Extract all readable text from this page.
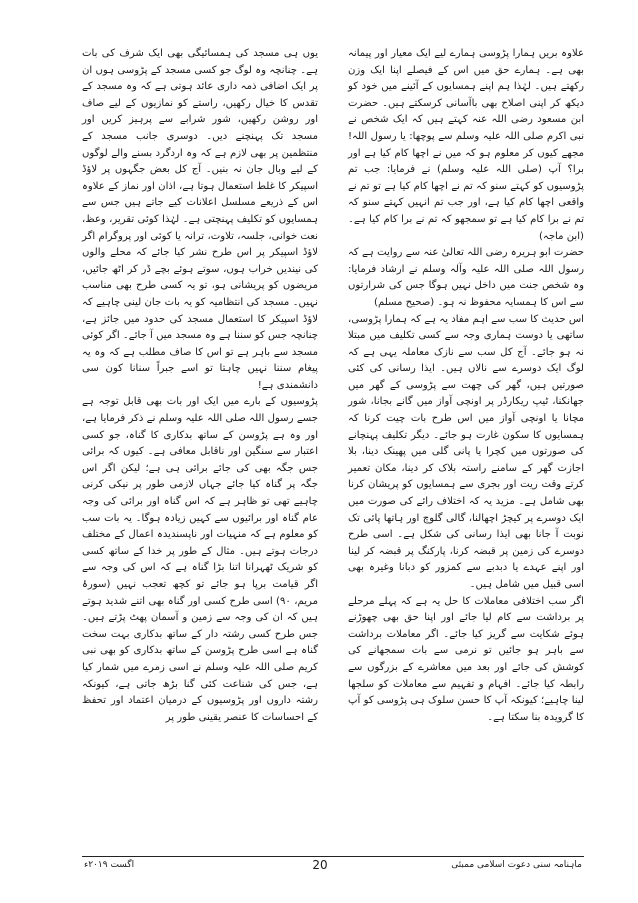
علاوہ بریں ہمارا پڑوسی ہمارے لیے ایک معیار اور پیمانہ بھی ہے۔ ہمارے حق میں اس کے فیصلے اپنا ایک وزن رکھتے ہیں۔ لہٰذا ہم اپنے ہمسایوں کے آئینے میں خود کو دیکھ کر اپنی اصلاح بھی باآسانی کرسکتے ہیں۔ حضرت ابن مسعود رضی اللہ عنہ کہتے ہیں کہ ایک شخص نے نبی اکرم صلی اللہ علیہ وسلم سے پوچھا: یا رسول اللہ! مجھے کیوں کر معلوم ہو کہ میں نے اچھا کام کیا ہے اور برا؟ آپ (صلی اللہ علیہ وسلم) نے فرمایا: جب تم پڑوسیوں کو کہتے سنو کہ تم نے اچھا کام کیا ہے تو تم نے واقعی اچھا کام کیا ہے، اور جب تم انہیں کہتے سنو کہ تم نے برا کام کیا ہے تو سمجھو کہ تم نے برا کام کیا ہے۔ (ابن ماجہ)

حضرت ابو ہریرہ رضی اللہ تعالیٰ عنہ سے روایت ہے کہ رسول اللہ صلی اللہ علیہ وآلہ وسلم نے ارشاد فرمایا: وہ شخص جنت میں داخل نہیں ہوگا جس کی شرارتوں سے اس کا ہمسایہ محفوظ نہ ہو۔ (صحیح مسلم)

اس حدیث کا سب سے اہم مفاد یہ ہے کہ ہمارا پڑوسی، ساتھی یا دوست ہماری وجہ سے کسی تکلیف میں مبتلا نہ ہو جائے۔ آج کل سب سے نازک معاملہ یہی ہے کہ لوگ ایک دوسرے سے نالاں ہیں۔ ایذا رسانی کی کئی صورتیں ہیں، گھر کی چھت سے پڑوسی کے گھر میں جھانکنا، ٹیپ ریکارڈر پر اونچی آواز میں گانے بجانا، شور مچانا یا اونچی آواز میں اس طرح بات چیت کرنا کہ ہمسایوں کا سکون غارت ہو جائے۔ دیگر تکلیف پہنچانے کی صورتوں میں کچرا یا پانی گلی میں پھینک دینا، بلا اجازت گھر کے سامنے راستہ بلاک کر دینا، مکان تعمیر کرتے وقت ریت اور بجری سے ہمسایوں کو پریشان کرنا بھی شامل ہے۔ مزید یہ کہ اختلاف رائے کی صورت میں ایک دوسرے پر کیچڑ اچھالنا، گالی گلوچ اور ہاتھا پائی تک نوبت آ جانا بھی ایذا رسانی کی شکل ہے۔ اسی طرح دوسرے کی زمین پر قبضہ کرنا، پارکنگ پر قبضہ کر لینا اور اپنے عہدے یا دبدبے سے کمزور کو دبانا وغیرہ بھی اسی قبیل میں شامل ہیں۔

اگر سب اختلافی معاملات کا حل یہ ہے کہ پہلے مرحلے پر برداشت سے کام لیا جائے اور اپنا حق بھی چھوڑنے ہوئے شکایت سے گریز کیا جائے۔ اگر معاملات برداشت سے باہر ہو جائیں تو نرمی سے بات سمجھانے کی کوشش کی جائے اور بعد میں معاشرے کے بزرگوں سے رابطہ کیا جائے۔ افہام و تفہیم سے معاملات کو سلجھا لینا چاہیے؛ کیونکہ آپ کا حسن سلوک ہی پڑوسی کو آپ کا گرویدہ بنا سکتا ہے۔

یوں ہی مسجد کی ہمسائیگی بھی ایک شرف کی بات ہے۔ چنانچہ وہ لوگ جو کسی مسجد کے پڑوسی ہوں ان پر ایک اضافی ذمہ داری عائد ہوتی ہے کہ وہ مسجد کے تقدس کا خیال رکھیں، راستے کو نمازیوں کے لیے صاف اور روشن رکھیں، شور شرابے سے پرہیز کریں اور مسجد تک پہنچنے دیں۔ دوسری جانب مسجد کے منتظمین پر بھی لازم ہے کہ وہ اردگرد بسنے والے لوگوں کے لیے وبال جان نہ بنیں۔ آج کل بعض جگہوں پر لاؤڈ اسپیکر کا غلط استعمال ہوتا ہے، اذان اور نماز کے علاوہ اس کے ذریعے مسلسل اعلانات کیے جاتے ہیں جس سے ہمسایوں کو تکلیف پہنچتی ہے۔ لہٰذا کوئی تقریر، وعظ، نعت خوانی، جلسہ، تلاوت، ترانہ یا کوئی اور پروگرام اگر لاؤڈ اسپیکر پر اس طرح نشر کیا جائے کہ محلے والوں کی نیندیں خراب ہوں، سوتے ہوئے بچے ڈر کر اٹھ جائیں، مریضوں کو پریشانی ہو، تو یہ کسی طرح بھی مناسب نہیں۔ مسجد کی انتظامیہ کو یہ بات جان لینی چاہیے کہ لاؤڈ اسپیکر کا استعمال مسجد کی حدود میں جائز ہے، چنانچہ جس کو سننا ہے وہ مسجد میں آ جائے۔ اگر کوئی مسجد سے باہر ہے تو اس کا صاف مطلب ہے کہ وہ یہ پیغام سننا نہیں چاہتا تو اسے جبراً سنانا کون سی دانشمندی ہے!

پڑوسیوں کے بارے میں ایک اور بات بھی قابل توجہ ہے جسے رسول اللہ صلی اللہ علیہ وسلم نے ذکر فرمایا ہے، اور وہ ہے پڑوسن کے ساتھ بدکاری کا گناہ، جو کسی اعتبار سے سنگین اور ناقابل معافی ہے۔ کیوں کہ برائی جس جگہ بھی کی جائے برائی ہی ہے؛ لیکن اگر اس جگہ پر گناہ کیا جائے جہاں لازمی طور پر نیکی کرنی چاہیے تھی تو ظاہر ہے کہ اس گناہ اور برائی کی وجہ عام گناہ اور برائیوں سے کہیں زیادہ ہوگا۔ یہ بات سب کو معلوم ہے کہ منہیات اور ناپسندیدہ اعمال کے مختلف درجات ہوتے ہیں۔ مثال کے طور پر خدا کے ساتھ کسی کو شریک ٹھہرانا اتنا بڑا گناہ ہے کہ اس کی وجہ سے اگر قیامت برپا ہو جائے تو کچھ تعجب نہیں (سورۂ مریم، ۹۰) اسی طرح کسی اور گناہ بھی اتنے شدید ہوتے ہیں کہ ان کی وجہ سے زمین و آسمان پھٹ پڑتے ہیں۔ جس طرح کسی رشتہ دار کے ساتھ بدکاری بہت سخت گناہ ہے اسی طرح پڑوسن کے ساتھ بدکاری کو بھی نبی کریم صلی اللہ علیہ وسلم نے اسی زمرے میں شمار کیا ہے، جس کی شناعت کئی گنا بڑھ جاتی ہے، کیونکہ رشتہ داروں اور پڑوسیوں کے درمیان اعتماد اور تحفظ کے احساسات کا عنصر یقینی طور پر

ماہنامہ سنی دعوت اسلامی ممبئی
20
اگست ۲۰۱۹ء
